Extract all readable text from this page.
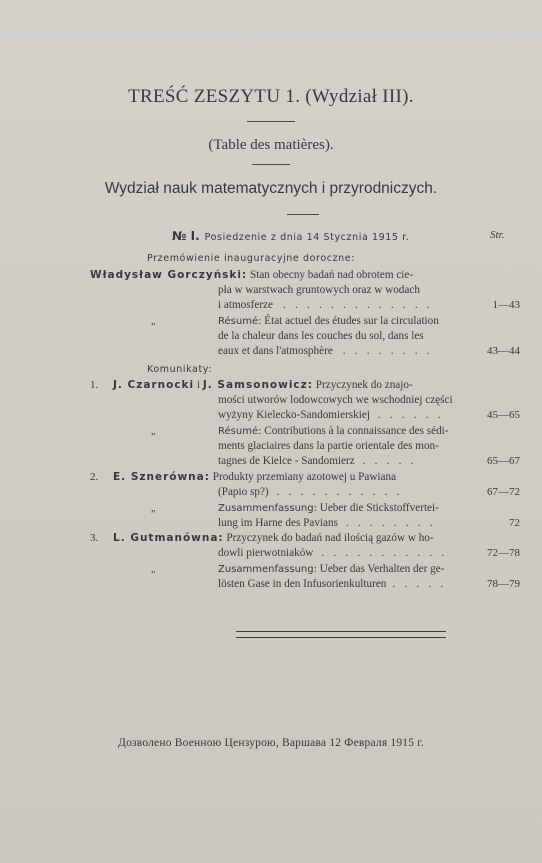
TREŚĆ ZESZYTU 1. (Wydział III).
(Table des matières).
Wydział nauk matematycznych i przyrodniczych.
№ I. Posiedzenie z dnia 14 Stycznia 1915 r.	Str.
Przemówienie inauguracyjne doroczne:
Władysław Gorczyński: Stan obecny badań nad obrotem cie-
pła w warstwach gruntowych oraz w wodach
i atmosferze . . . . . . . . . . . . .	1—43
„	Résumé: État actuel des études sur la circulation
de la chaleur dans les couches du sol, dans les
eaux et dans l'atmosphère . . . . . . . .	43—44
Komunikaty:
1. J. Czarnocki i J. Samsonowicz: Przyczynek do znajo-
mości utworów lodowcowych we wschodniej części
wyżyny Kielecko-Sandomierskiej . . . . . .	45—65
„	Résumé: Contributions à la connaissance des sédi-
ments glaciaires dans la partie orientale des mon-
tagnes de Kielce - Sandomierz . . . . .	65—67
2. E. Sznerówna: Produkty przemiany azotowej u Pawiana
(Papio sp?) . . . . . . . . . . .	67—72
„	Zusammenfassung: Ueber die Stickstoffvertei-
lung im Harne des Pavians . . . . . . . .	72
3. L. Gutmanówna: Przyczynek do badań nad ilością gazów w ho-
dowli pierwotniaków . . . . . . . . . . .	72—78
„	Zusammenfassung: Ueber das Verhalten der ge-
lösten Gase in den Infusorienkulturen . . . . .	78—79
Дозволено Военною Цензурою, Варшава 12 Февраля 1915 г.
